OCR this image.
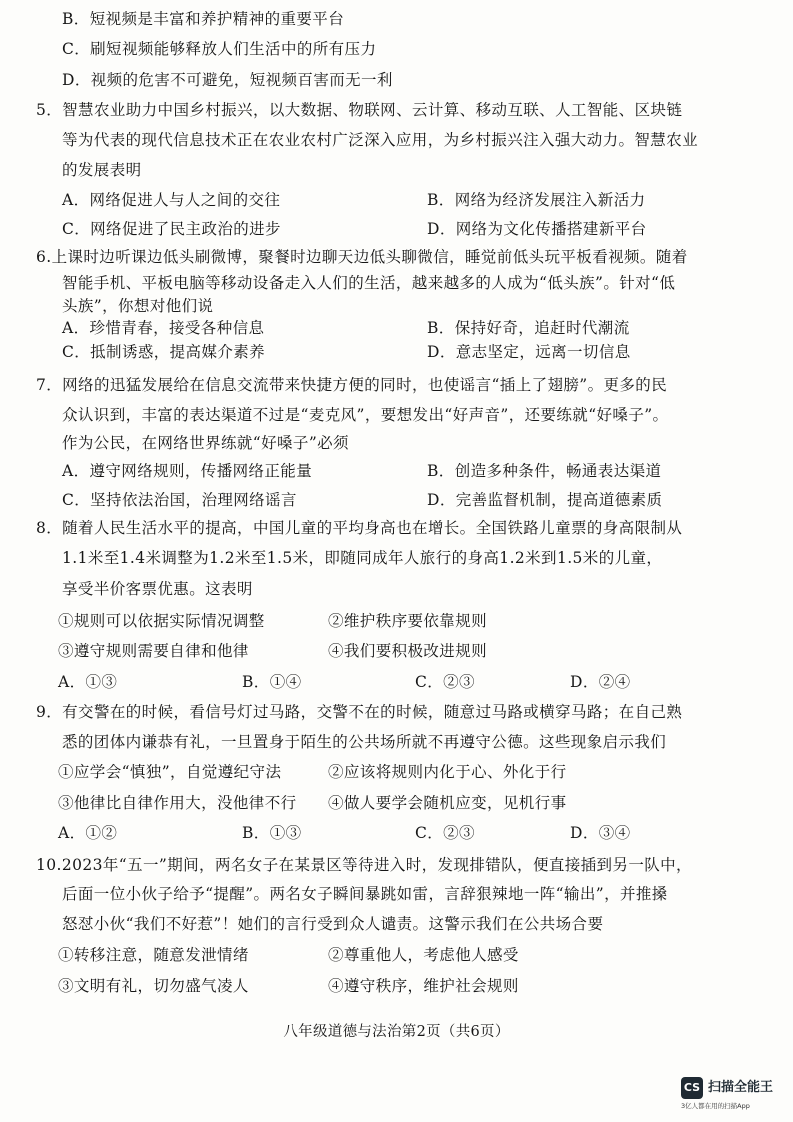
B．短视频是丰富和养护精神的重要平台
C．刷短视频能够释放人们生活中的所有压力
D．视频的危害不可避免，短视频百害而无一利
5．智慧农业助力中国乡村振兴，以大数据、物联网、云计算、移动互联、人工智能、区块链
等为代表的现代信息技术正在农业农村广泛深入应用，为乡村振兴注入强大动力。智慧农业
的发展表明
A．网络促进人与人之间的交往	B．网络为经济发展注入新活力
C．网络促进了民主政治的进步	D．网络为文化传播搭建新平台
6.上课时边听课边低头刷微博，聚餐时边聊天边低头聊微信，睡觉前低头玩平板看视频。随着
智能手机、平板电脑等移动设备走入人们的生活，越来越多的人成为“低头族”。针对“低
头族”，你想对他们说
A．珍惜青春，接受各种信息	B．保持好奇，追赶时代潮流
C．抵制诱惑，提高媒介素养	D．意志坚定，远离一切信息
7．网络的迅猛发展给在信息交流带来快捷方便的同时，也使谣言“插上了翅膀”。更多的民
众认识到，丰富的表达渠道不过是“麦克风”，要想发出“好声音”，还要练就“好嗓子”。
作为公民，在网络世界练就“好嗓子”必须
A．遵守网络规则，传播网络正能量	B．创造多种条件，畅通表达渠道
C．坚持依法治国，治理网络谣言	D．完善监督机制，提高道德素质
8．随着人民生活水平的提高，中国儿童的平均身高也在增长。全国铁路儿童票的身高限制从
1.1米至1.4米调整为1.2米至1.5米，即随同成年人旅行的身高1.2米到1.5米的儿童，
享受半价客票优惠。这表明
①规则可以依据实际情况调整	②维护秩序要依靠规则
③遵守规则需要自律和他律	④我们要积极改进规则
A．①③	B．①④	C．②③	D．②④
9．有交警在的时候，看信号灯过马路，交警不在的时候，随意过马路或横穿马路；在自己熟
悉的团体内谦恭有礼，一旦置身于陌生的公共场所就不再遵守公德。这些现象启示我们
①应学会“慎独”，自觉遵纪守法	②应该将规则内化于心、外化于行
③他律比自律作用大，没他律不行 ④做人要学会随机应变，见机行事
A．①②	B．①③	C．②③	D．③④
10.2023年“五一”期间，两名女子在某景区等待进入时，发现排错队，便直接插到另一队中，
后面一位小伙子给予“提醒”。两名女子瞬间暴跳如雷，言辞狠辣地一阵“输出”，并推搡
怒怼小伙“我们不好惹”！她们的言行受到众人谴责。这警示我们在公共场合要
①转移注意，随意发泄情绪	②尊重他人，考虑他人感受
③文明有礼，切勿盛气凌人	④遵守秩序，维护社会规则
八年级道德与法治第2页（共6页）
CS 扫描全能王
3亿人都在用的扫描App
